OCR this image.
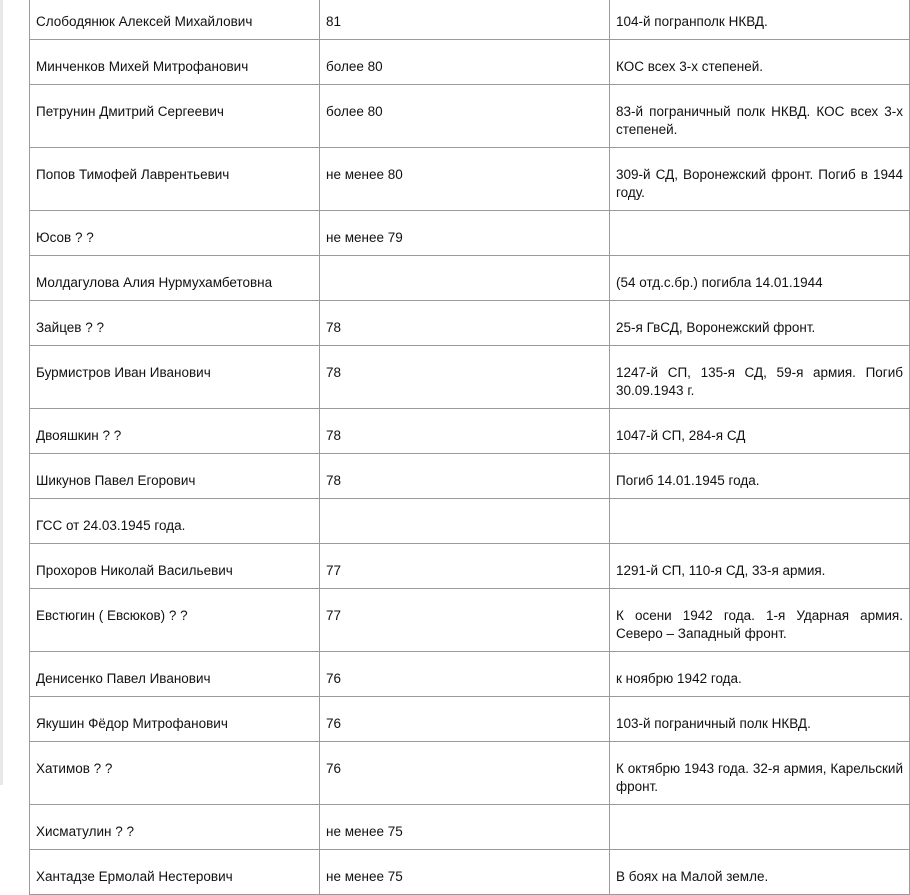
Слободянюк Алексей Михайлович	81	104-й погранполк НКВД.
Минченков Михей Митрофанович	более 80	КОС всех 3-х степеней.
Петрунин Дмитрий Сергеевич	более 80	83-й пограничный полк НКВД. КОС всех 3-х степеней.
Попов Тимофей Лаврентьевич	не менее 80	309-й СД, Воронежский фронт. Погиб в 1944 году.
Юсов ? ?	не менее 79	
Молдагулова Алия Нурмухамбетовна		(54 отд.с.бр.) погибла 14.01.1944
Зайцев ? ?	78	25-я ГвСД, Воронежский фронт.
Бурмистров Иван Иванович	78	1247-й СП, 135-я СД, 59-я армия. Погиб 30.09.1943 г.
Двояшкин ? ?	78	1047-й СП, 284-я СД
Шикунов Павел Егорович	78	Погиб 14.01.1945 года.
ГСС от 24.03.1945 года.		
Прохоров Николай Васильевич	77	1291-й СП, 110-я СД, 33-я армия.
Евстюгин ( Евсюков) ? ?	77	К осени 1942 года. 1-я Ударная армия. Северо – Западный фронт.
Денисенко Павел Иванович	76	к ноябрю 1942 года.
Якушин Фёдор Митрофанович	76	103-й пограничный полк НКВД.
Хатимов ? ?	76	К октябрю 1943 года. 32-я армия, Карельский фронт.
Хисматулин ? ?	не менее 75	
Хантадзе Ермолай Нестерович	не менее 75	В боях на Малой земле.
